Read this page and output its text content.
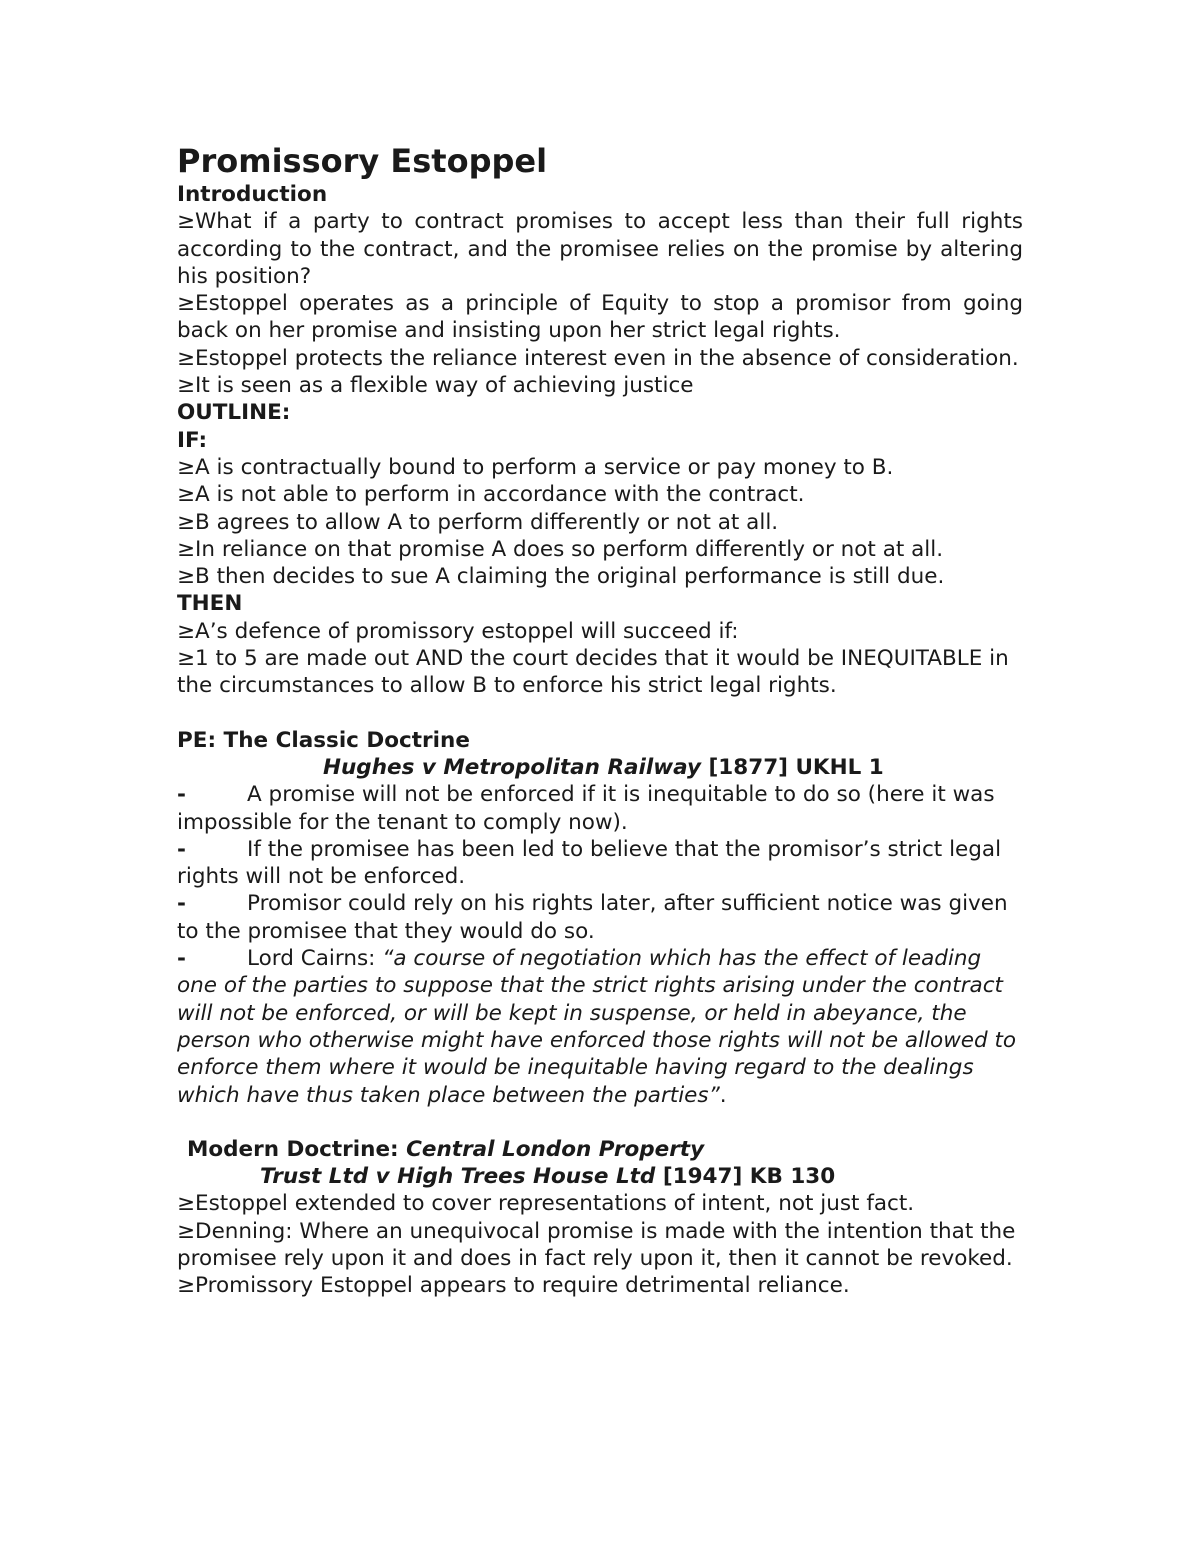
Promissory Estoppel

Introduction

≥ What if a party to contract promises to accept less than their full rights according to the contract, and the promisee relies on the promise by altering his position?

≥ Estoppel operates as a principle of Equity to stop a promisor from going back on her promise and insisting upon her strict legal rights.

≥ Estoppel protects the reliance interest even in the absence of consideration.

≥ It is seen as a flexible way of achieving justice

OUTLINE:

IF:

≥ A is contractually bound to perform a service or pay money to B.

≥ A is not able to perform in accordance with the contract.

≥ B agrees to allow A to perform differently or not at all.

≥ In reliance on that promise A does so perform differently or not at all.

≥ B then decides to sue A claiming the original performance is still due.

THEN

≥ A’s defence of promissory estoppel will succeed if:

≥ 1 to 5 are made out AND the court decides that it would be INEQUITABLE in the circumstances to allow B to enforce his strict legal rights.

PE: The Classic Doctrine

Hughes v Metropolitan Railway [1877] UKHL 1

-	A promise will not be enforced if it is inequitable to do so (here it was impossible for the tenant to comply now).

-	If the promisee has been led to believe that the promisor’s strict legal rights will not be enforced.

-	Promisor could rely on his rights later, after sufficient notice was given to the promisee that they would do so.

-	Lord Cairns: “a course of negotiation which has the effect of leading one of the parties to suppose that the strict rights arising under the contract will not be enforced, or will be kept in suspense, or held in abeyance, the person who otherwise might have enforced those rights will not be allowed to enforce them where it would be inequitable having regard to the dealings which have thus taken place between the parties”.

Modern Doctrine: Central London Property

Trust Ltd v High Trees House Ltd [1947] KB 130

≥ Estoppel extended to cover representations of intent, not just fact.

≥ Denning: Where an unequivocal promise is made with the intention that the promisee rely upon it and does in fact rely upon it, then it cannot be revoked.

≥ Promissory Estoppel appears to require detrimental reliance.
